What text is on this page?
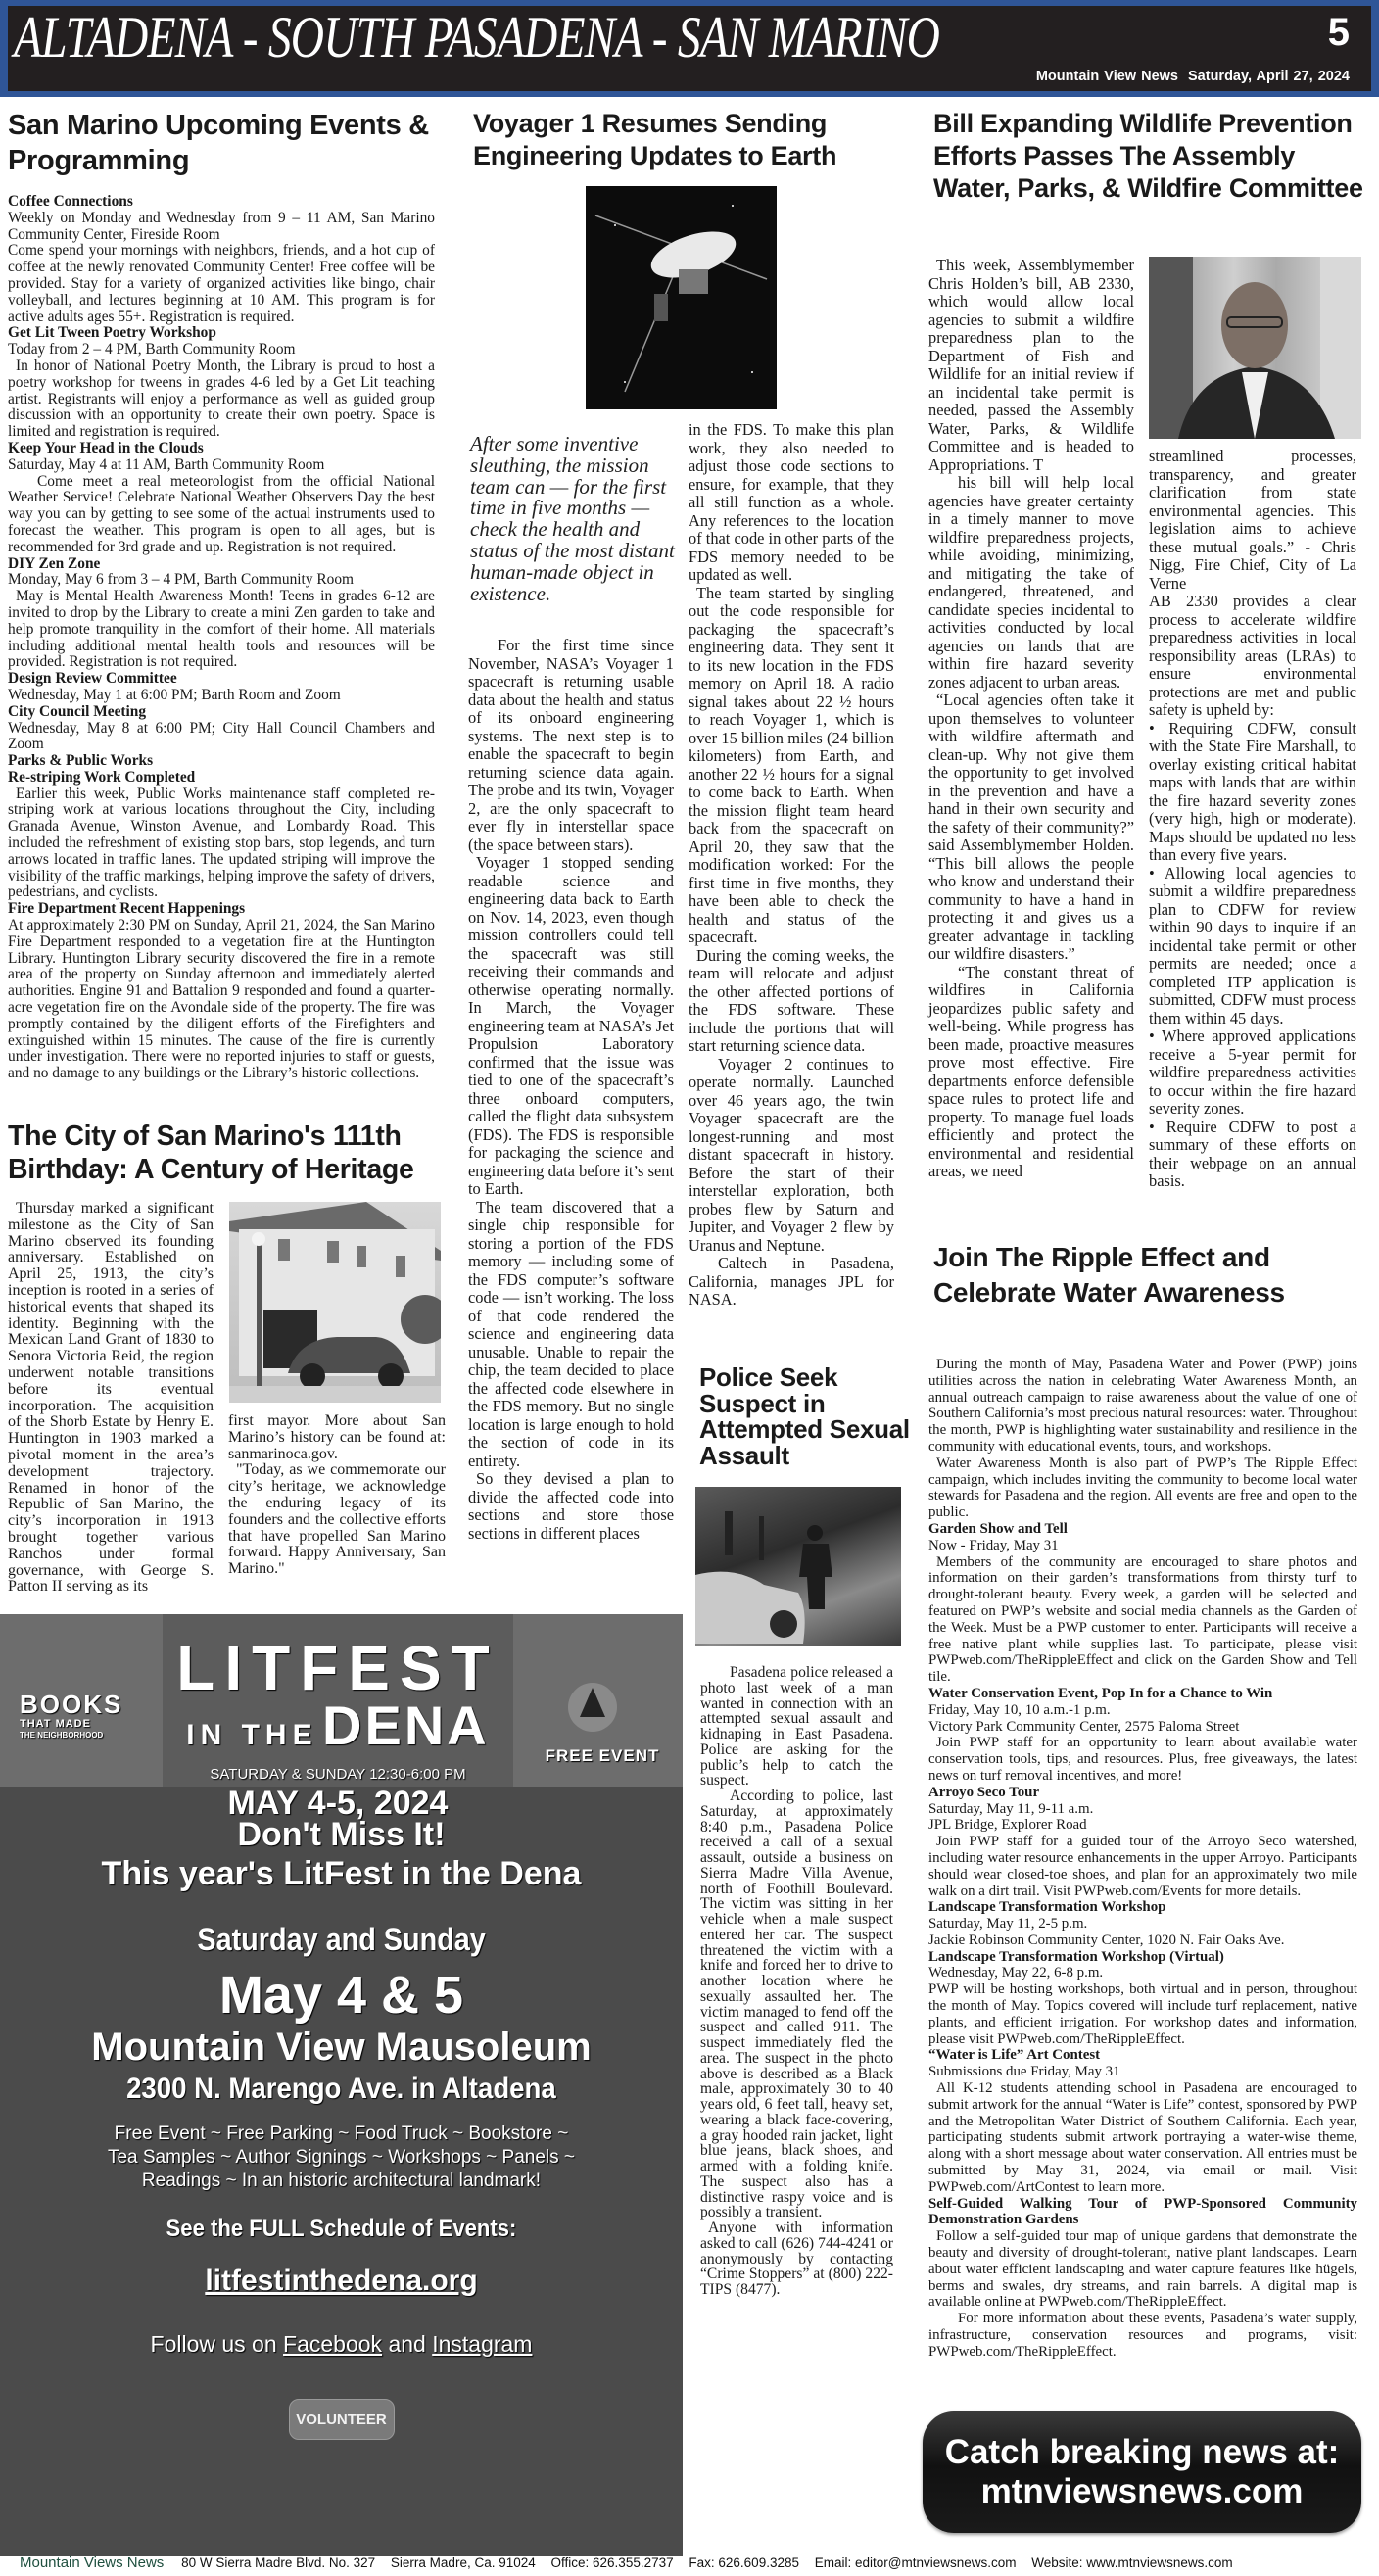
ALTADENA - SOUTH PASADENA - SAN MARINO	5
Mountain View News Saturday, April 27, 2024
San Marino Upcoming Events & Programming

Coffee Connections

Weekly on Monday and Wednesday from 9 – 11 AM, San Marino Community Center, Fireside Room

Come spend your mornings with neighbors, friends, and a hot cup of coffee at the newly renovated Community Center! Free coffee will be provided. Stay for a variety of organized activities like bingo, chair volleyball, and lectures beginning at 10 AM. This program is for active adults ages 55+. Registration is required.

Get Lit Tween Poetry Workshop

Today from 2 – 4 PM, Barth Community Room

In honor of National Poetry Month, the Library is proud to host a poetry workshop for tweens in grades 4-6 led by a Get Lit teaching artist. Registrants will enjoy a performance as well as guided group discussion with an opportunity to create their own poetry. Space is limited and registration is required.

Keep Your Head in the Clouds

Saturday, May 4 at 11 AM, Barth Community Room

Come meet a real meteorologist from the official National Weather Service! Celebrate National Weather Observers Day the best way you can by getting to see some of the actual instruments used to forecast the weather. This program is open to all ages, but is recommended for 3rd grade and up. Registration is not required.

DIY Zen Zone

Monday, May 6 from 3 – 4 PM, Barth Community Room

May is Mental Health Awareness Month! Teens in grades 6-12 are invited to drop by the Library to create a mini Zen garden to take and help promote tranquility in the comfort of their home. All materials including additional mental health tools and resources will be provided. Registration is not required.

Design Review Committee

Wednesday, May 1 at 6:00 PM; Barth Room and Zoom

City Council Meeting

Wednesday, May 8 at 6:00 PM; City Hall Council Chambers and Zoom

Parks & Public Works

Re-striping Work Completed

Earlier this week, Public Works maintenance staff completed re-striping work at various locations throughout the City, including Granada Avenue, Winston Avenue, and Lombardy Road. This included the refreshment of existing stop bars, stop legends, and turn arrows located in traffic lanes. The updated striping will improve the visibility of the traffic markings, helping improve the safety of drivers, pedestrians, and cyclists.

Fire Department Recent Happenings

At approximately 2:30 PM on Sunday, April 21, 2024, the San Marino Fire Department responded to a vegetation fire at the Huntington Library. Huntington Library security discovered the fire in a remote area of the property on Sunday afternoon and immediately alerted authorities. Engine 91 and Battalion 9 responded and found a quarter-acre vegetation fire on the Avondale side of the property. The fire was promptly contained by the diligent efforts of the Firefighters and extinguished within 15 minutes. The cause of the fire is currently under investigation. There were no reported injuries to staff or guests, and no damage to any buildings or the Library’s historic collections.

The City of San Marino's 111th Birthday: A Century of Heritage

Thursday marked a significant milestone as the City of San Marino observed its founding anniversary. Established on April 25, 1913, the city’s inception is rooted in a series of historical events that shaped its identity. Beginning with the Mexican Land Grant of 1830 to Senora Victoria Reid, the region underwent notable transitions before its eventual incorporation. The acquisition of the Shorb Estate by Henry E. Huntington in 1903 marked a pivotal moment in the area’s development trajectory. Renamed in honor of the Republic of San Marino, the city’s incorporation in 1913 brought together various Ranchos under formal governance, with George S. Patton II serving as its

first mayor. More about San Marino’s history can be found at: sanmarinoca.gov.

"Today, as we commemorate our city’s heritage, we acknowledge the enduring legacy of its founders and the collective efforts that have propelled San Marino forward. Happy Anniversary, San Marino."

Voyager 1 Resumes Sending Engineering Updates to Earth
After some inventive sleuthing, the mission team can — for the first time in five months — check the health and status of the most distant human-made object in existence.

For the first time since November, NASA’s Voyager 1 spacecraft is returning usable data about the health and status of its onboard engineering systems. The next step is to enable the spacecraft to begin returning science data again. The probe and its twin, Voyager 2, are the only spacecraft to ever fly in interstellar space (the space between stars).

Voyager 1 stopped sending readable science and engineering data back to Earth on Nov. 14, 2023, even though mission controllers could tell the spacecraft was still receiving their commands and otherwise operating normally. In March, the Voyager engineering team at NASA’s Jet Propulsion Laboratory confirmed that the issue was tied to one of the spacecraft’s three onboard computers, called the flight data subsystem (FDS). The FDS is responsible for packaging the science and engineering data before it’s sent to Earth.

The team discovered that a single chip responsible for storing a portion of the FDS memory — including some of the FDS computer’s software code — isn’t working. The loss of that code rendered the science and engineering data unusable. Unable to repair the chip, the team decided to place the affected code elsewhere in the FDS memory. But no single location is large enough to hold the section of code in its entirety.

So they devised a plan to divide the affected code into sections and store those sections in different places

in the FDS. To make this plan work, they also needed to adjust those code sections to ensure, for example, that they all still function as a whole. Any references to the location of that code in other parts of the FDS memory needed to be updated as well.

The team started by singling out the code responsible for packaging the spacecraft’s engineering data. They sent it to its new location in the FDS memory on April 18. A radio signal takes about 22 ½ hours to reach Voyager 1, which is over 15 billion miles (24 billion kilometers) from Earth, and another 22 ½ hours for a signal to come back to Earth. When the mission flight team heard back from the spacecraft on April 20, they saw that the modification worked: For the first time in five months, they have been able to check the health and status of the spacecraft.

During the coming weeks, the team will relocate and adjust the other affected portions of the FDS software. These include the portions that will start returning science data.

Voyager 2 continues to operate normally. Launched over 46 years ago, the twin Voyager spacecraft are the longest-running and most distant spacecraft in history. Before the start of their interstellar exploration, both probes flew by Saturn and Jupiter, and Voyager 2 flew by Uranus and Neptune.

Caltech in Pasadena, California, manages JPL for NASA.

Police Seek Suspect in Attempted Sexual Assault

Pasadena police released a photo last week of a man wanted in connection with an attempted sexual assault and kidnaping in East Pasadena. Police are asking for the public’s help to catch the suspect.

According to police, last Saturday, at approximately 8:40 p.m., Pasadena Police received a call of a sexual assault, outside a business on Sierra Madre Villa Avenue, north of Foothill Boulevard. The victim was sitting in her vehicle when a male suspect entered her car. The suspect threatened the victim with a knife and forced her to drive to another location where he sexually assaulted her. The victim managed to fend off the suspect and called 911. The suspect immediately fled the area. The suspect in the photo above is described as a Black male, approximately 30 to 40 years old, 6 feet tall, heavy set, wearing a black face-covering, a gray hooded rain jacket, light blue jeans, black shoes, and armed with a folding knife. The suspect also has a distinctive raspy voice and is possibly a transient.

Anyone with information asked to call (626) 744-4241 or anonymously by contacting “Crime Stoppers” at (800) 222-TIPS (8477).

Bill Expanding Wildlife Prevention Efforts Passes The Assembly Water, Parks, & Wildfire Committee

This week, Assemblymember Chris Holden’s bill, AB 2330, which would allow local agencies to submit a wildfire preparedness plan to the Department of Fish and Wildlife for an initial review if an incidental take permit is needed, passed the Assembly Water, Parks, & Wildlife Committee and is headed to Appropriations. T

his bill will help local agencies have greater certainty in a timely manner to move wildfire preparedness projects, while avoiding, minimizing, and mitigating the take of endangered, threatened, and candidate species incidental to activities conducted by local agencies on lands that are within fire hazard severity zones adjacent to urban areas.

“Local agencies often take it upon themselves to volunteer with wildfire aftermath and clean-up. Why not give them the opportunity to get involved in the prevention and have a hand in their own security and the safety of their community?” said Assemblymember Holden. “This bill allows the people who know and understand their community to have a hand in protecting it and gives us a greater advantage in tackling our wildfire disasters.”

“The constant threat of wildfires in California jeopardizes public safety and well-being. While progress has been made, proactive measures prove most effective. Fire departments enforce defensible space rules to protect life and property. To manage fuel loads efficiently and protect the environmental and residential areas, we need

streamlined processes, transparency, and greater clarification from state environmental agencies. This legislation aims to achieve these mutual goals.” - Chris Nigg, Fire Chief, City of La Verne

AB 2330 provides a clear process to accelerate wildfire preparedness activities in local responsibility areas (LRAs) to ensure environmental protections are met and public safety is upheld by:

• Requiring CDFW, consult with the State Fire Marshall, to overlay existing critical habitat maps with lands that are within the fire hazard severity zones (very high, high or moderate). Maps should be updated no less than every five years.

• Allowing local agencies to submit a wildfire preparedness plan to CDFW for review within 90 days to inquire if an incidental take permit or other permits are needed; once a completed ITP application is submitted, CDFW must process them within 45 days.

• Where approved applications receive a 5-year permit for wildfire preparedness activities to occur within the fire hazard severity zones.

• Require CDFW to post a summary of these efforts on their webpage on an annual basis.

Join The Ripple Effect and Celebrate Water Awareness

During the month of May, Pasadena Water and Power (PWP) joins utilities across the nation in celebrating Water Awareness Month, an annual outreach campaign to raise awareness about the value of one of Southern California’s most precious natural resources: water. Throughout the month, PWP is highlighting water sustainability and resilience in the community with educational events, tours, and workshops.

Water Awareness Month is also part of PWP’s The Ripple Effect campaign, which includes inviting the community to become local water stewards for Pasadena and the region. All events are free and open to the public.

Garden Show and Tell

Now - Friday, May 31

Members of the community are encouraged to share photos and information on their garden’s transformations from thirsty turf to drought-tolerant beauty. Every week, a garden will be selected and featured on PWP’s website and social media channels as the Garden of the Week. Must be a PWP customer to enter. Participants will receive a free native plant while supplies last. To participate, please visit PWPweb.com/TheRippleEffect and click on the Garden Show and Tell tile.

Water Conservation Event, Pop In for a Chance to Win

Friday, May 10, 10 a.m.-1 p.m.

Victory Park Community Center, 2575 Paloma Street

Join PWP staff for an opportunity to learn about available water conservation tools, tips, and resources. Plus, free giveaways, the latest news on turf removal incentives, and more!

Arroyo Seco Tour

Saturday, May 11, 9-11 a.m.

JPL Bridge, Explorer Road

Join PWP staff for a guided tour of the Arroyo Seco watershed, including water resource enhancements in the upper Arroyo. Participants should wear closed-toe shoes, and plan for an approximately two mile walk on a dirt trail. Visit PWPweb.com/Events for more details.

Landscape Transformation Workshop

Saturday, May 11, 2-5 p.m.

Jackie Robinson Community Center, 1020 N. Fair Oaks Ave.

Landscape Transformation Workshop (Virtual)

Wednesday, May 22, 6-8 p.m.

PWP will be hosting workshops, both virtual and in person, throughout the month of May. Topics covered will include turf replacement, native plants, and efficient irrigation. For workshop dates and information, please visit PWPweb.com/TheRippleEffect.

“Water is Life” Art Contest

Submissions due Friday, May 31

All K-12 students attending school in Pasadena are encouraged to submit artwork for the annual “Water is Life” contest, sponsored by PWP and the Metropolitan Water District of Southern California. Each year, participating students submit artwork portraying a water-wise theme, along with a short message about water conservation. All entries must be submitted by May 31, 2024, via email or mail. Visit PWPweb.com/ArtContest to learn more.

Self-Guided Walking Tour of PWP-Sponsored Community Demonstration Gardens

Follow a self-guided tour map of unique gardens that demonstrate the beauty and diversity of drought-tolerant, native plant landscapes. Learn about water efficient landscaping and water capture features like hügels, berms and swales, dry streams, and rain barrels. A digital map is available online at PWPweb.com/TheRippleEffect.

For more information about these events, Pasadena’s water supply, infrastructure, conservation resources and programs, visit: PWPweb.com/TheRippleEffect.

BOOKS
THAT MADE
THE NEIGHBORHOOD
LITFEST
IN THE DENA
SATURDAY & SUNDAY 12:30-6:00 PM
MAY 4-5, 2024
FREE EVENT
Don't Miss It!
This year's LitFest in the Dena
Saturday and Sunday
May 4 & 5
Mountain View Mausoleum
2300 N. Marengo Ave. in Altadena
Free Event ~ Free Parking ~ Food Truck ~ Bookstore ~
Tea Samples ~ Author Signings ~ Workshops ~ Panels ~
Readings ~ In an historic architectural landmark!
See the FULL Schedule of Events:
litfestinthedena.org
Follow us on Facebook and Instagram
VOLUNTEER
Catch breaking news at:
mtnviewsnews.com
Mountain Views News 80 W Sierra Madre Blvd. No. 327 Sierra Madre, Ca. 91024 Office: 626.355.2737 Fax: 626.609.3285 Email: editor@mtnviewsnews.com Website: www.mtnviewsnews.com
